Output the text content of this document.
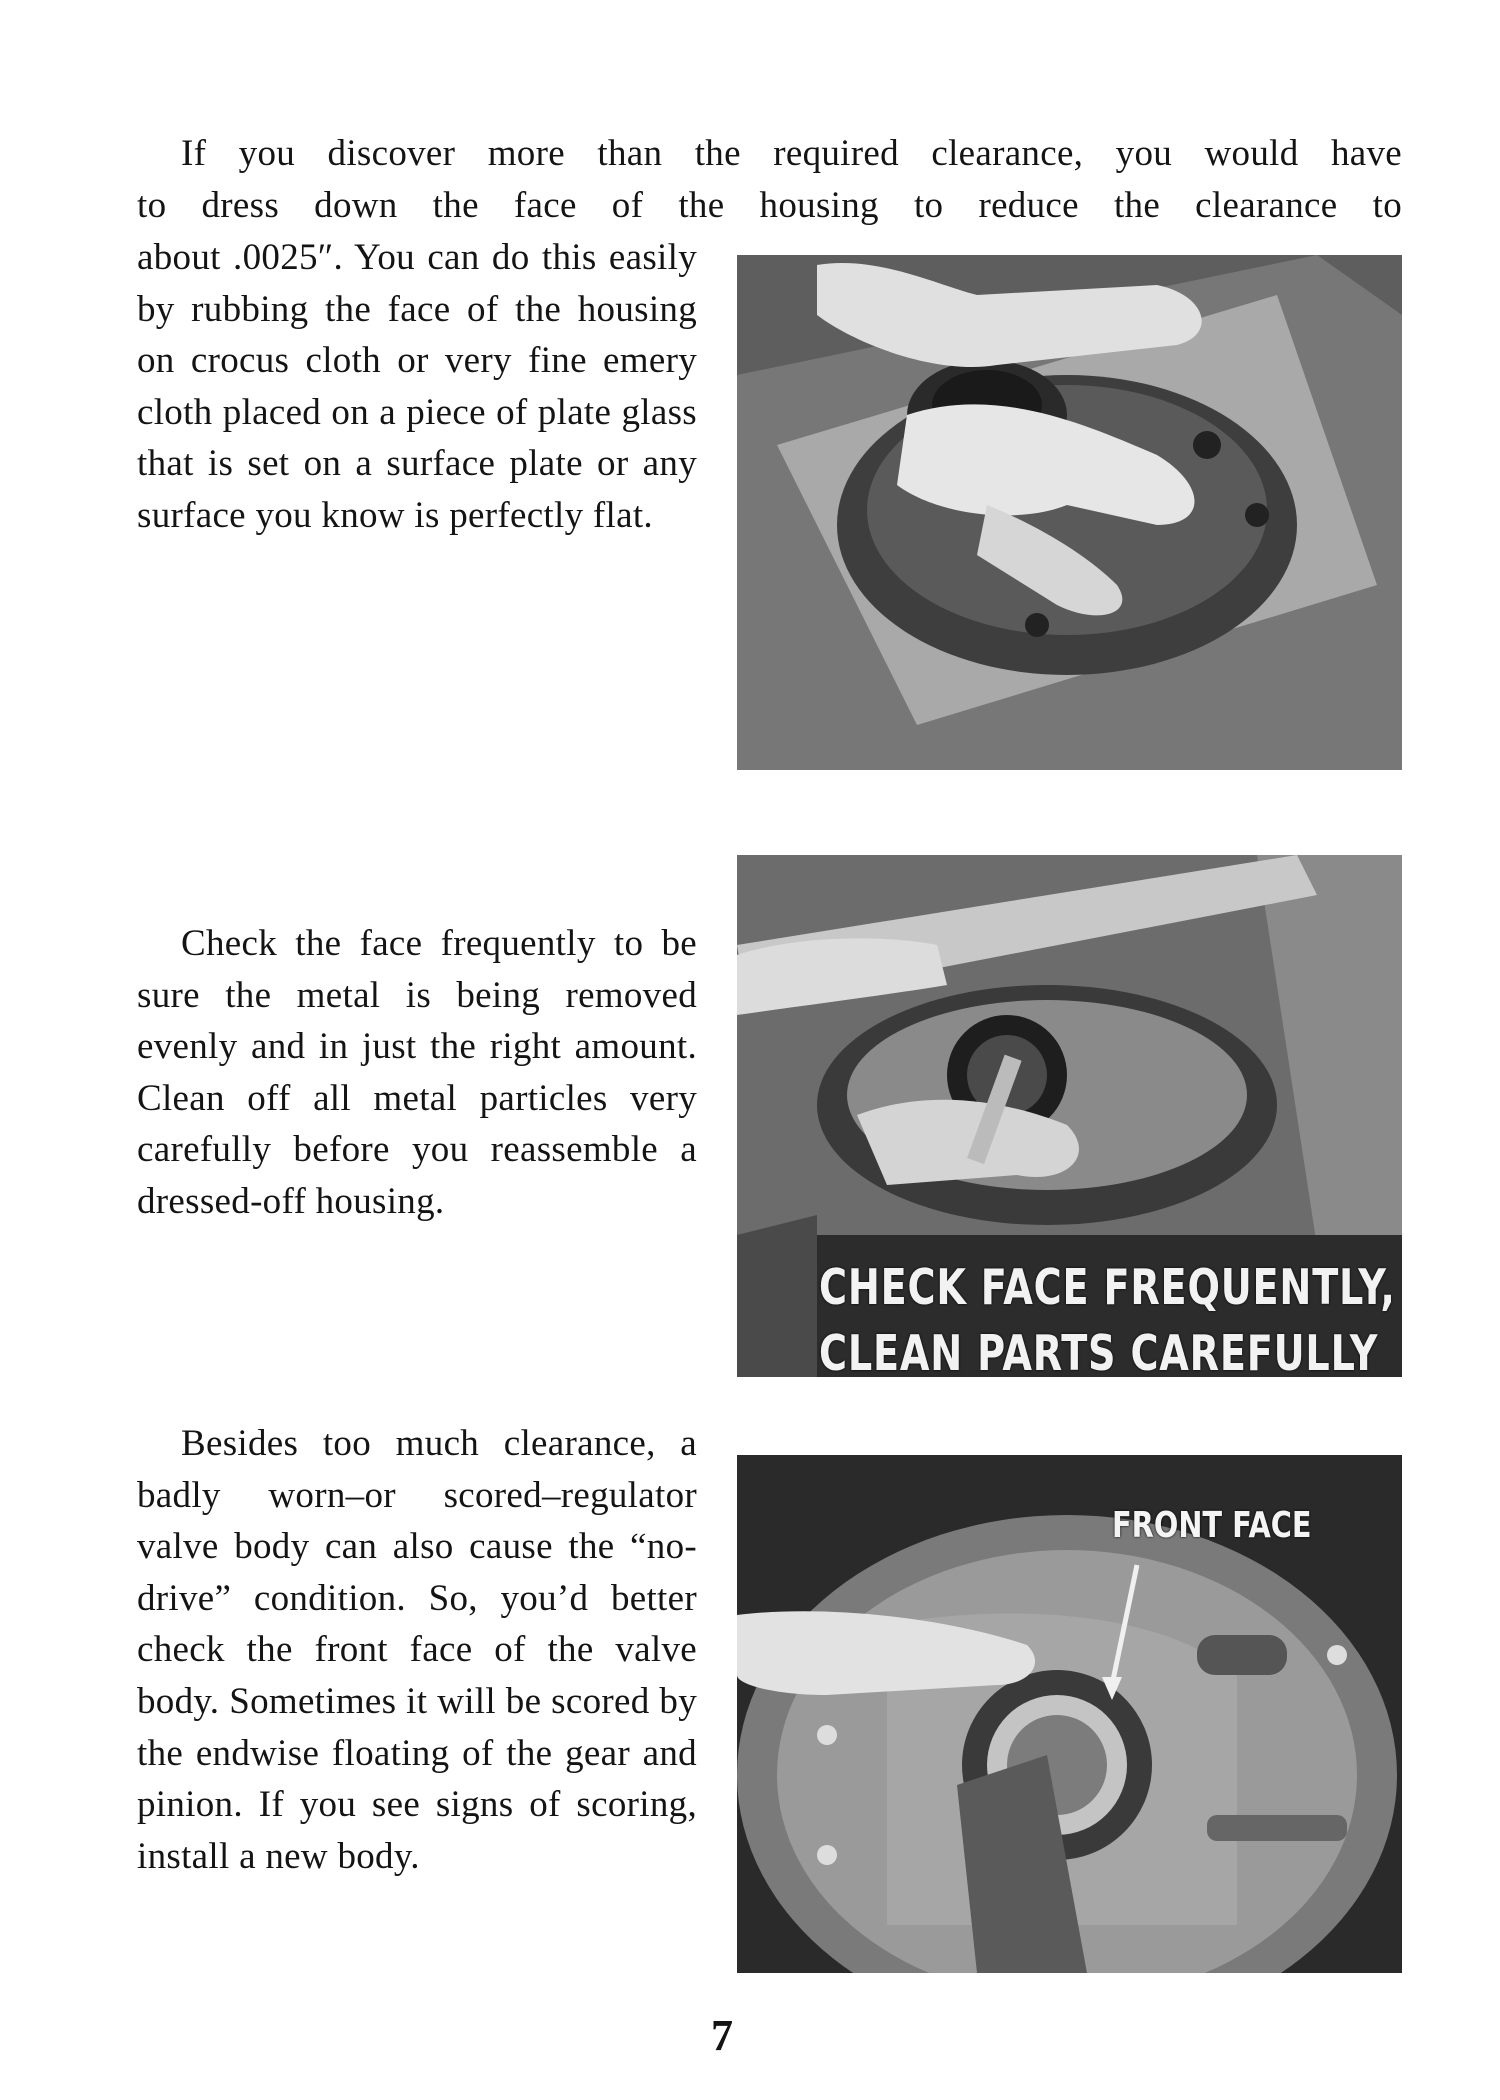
If you discover more than the required clearance, you would have

to dress down the face of the housing to reduce the clearance to

about .0025″. You can do this easily by rubbing the face of the housing on crocus cloth or very fine emery cloth placed on a piece of plate glass that is set on a surface plate or any surface you know is perfectly flat.

Check the face frequently to be sure the metal is being removed evenly and in just the right amount. Clean off all metal particles very carefully before you reassemble a dressed-off housing.

CHECK FACE FREQUENTLY,
CLEAN PARTS CAREFULLY

Besides too much clearance, a badly worn–or scored–regulator valve body can also cause the “no-drive” condition. So, you’d better check the front face of the valve body. Sometimes it will be scored by the endwise floating of the gear and pinion. If you see signs of scoring, install a new body.

FRONT FACE
7
